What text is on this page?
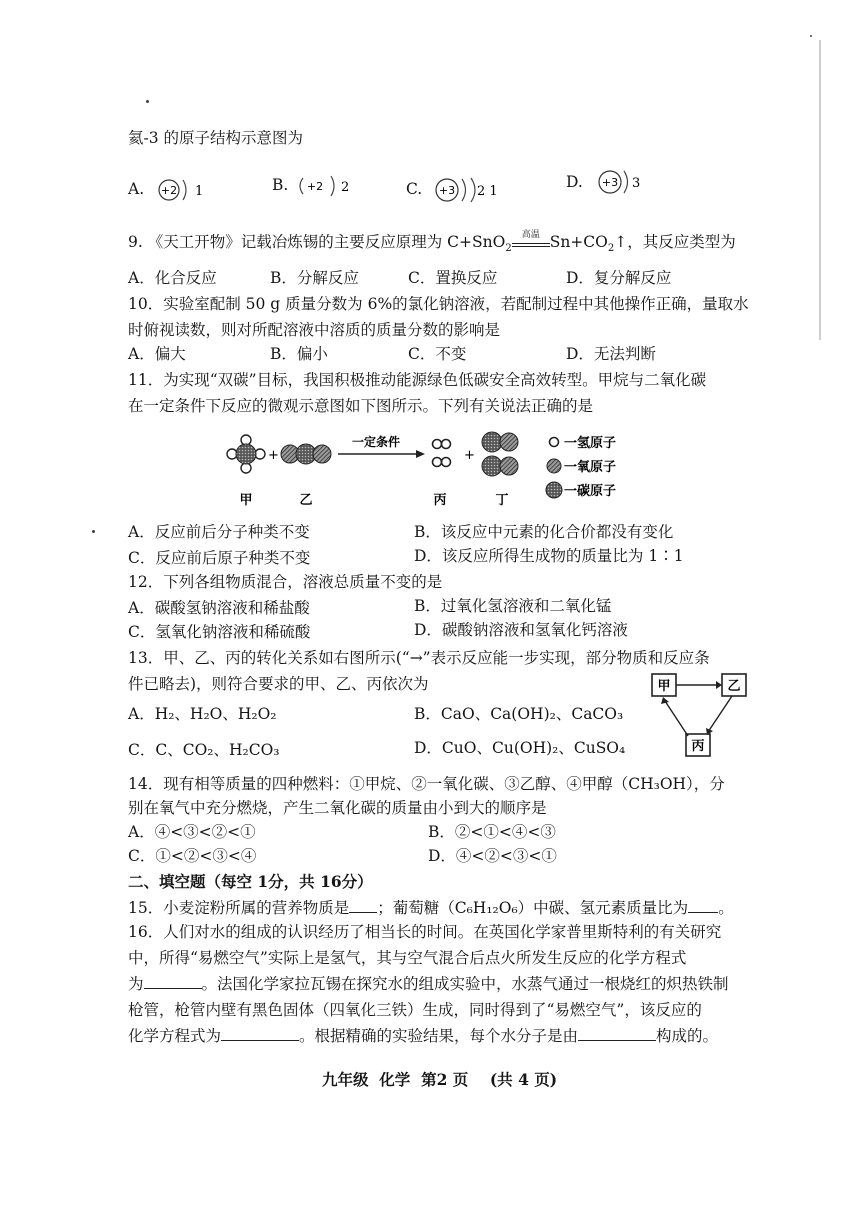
氦-3 的原子结构示意图为
A. +2 1	B. +2 2	C. +3 2 1
D. +3 3
9. 《天工开物》记载冶炼锡的主要反应原理为 C+SnO$_2$
高温 $Sn+CO_2↑$，其反应类型为
A．化合反应	B．分解反应	C．置换反应	D．复分解反应
10．实验室配制 50 g 质量分数为 6%的氯化钠溶液，若配制过程中其他操作正确，量取水
时俯视读数，则对所配溶液中溶质的质量分数的影响是
A．偏大	B．偏小	C．不变	D．无法判断
11．为实现“双碳”目标，我国积极推动能源绿色低碳安全高效转型。甲烷与二氧化碳
在一定条件下反应的微观示意图如下图所示。下列有关说法正确的是
+
一定条件
+
甲	乙	丙	丁
一氢原子
一氧原子
一碳原子
A．反应前后分子种类不变	B．该反应中元素的化合价都没有变化
C．反应前后原子种类不变	D．该反应所得生成物的质量比为 1∶1
12．下列各组物质混合，溶液总质量不变的是
A．碳酸氢钠溶液和稀盐酸	B．过氧化氢溶液和二氧化锰
C．氢氧化钠溶液和稀硫酸	D．碳酸钠溶液和氢氧化钙溶液
13．甲、乙、丙的转化关系如右图所示(“→”表示反应能一步实现，部分物质和反应条
件已略去)，则符合要求的甲、乙、丙依次为
A．H₂、H₂O、H₂O₂	B．CaO、Ca(OH)₂、CaCO₃
C．C、CO₂、H₂CO₃	D．CuO、Cu(OH)₂、CuSO₄
甲	乙
丙
14．现有相等质量的四种燃料：①甲烷、②一氧化碳、③乙醇、④甲醇（CH₃OH），分
别在氧气中充分燃烧，产生二氧化碳的质量由小到大的顺序是
A．④<③<②<①	B．②<①<④<③
C．①<②<③<④	D．④<②<③<①
二、填空题（每空 1分，共 16分）
15．小麦淀粉所属的营养物质是 ；葡萄糖（C₆H₁₂O₆）中碳、氢元素质量比为 。
16．人们对水的组成的认识经历了相当长的时间。在英国化学家普里斯特利的有关研究
中，所得“易燃空气”实际上是氢气，其与空气混合后点火所发生反应的化学方程式
为	。法国化学家拉瓦锡在探究水的组成实验中，水蒸气通过一根烧红的炽热铁制
枪管，枪管内壁有黑色固体（四氧化三铁）生成，同时得到了“易燃空气”，该反应的
化学方程式为	。根据精确的实验结果，每个水分子是由	构成的。
九年级  化学  第2 页    (共 4 页)
